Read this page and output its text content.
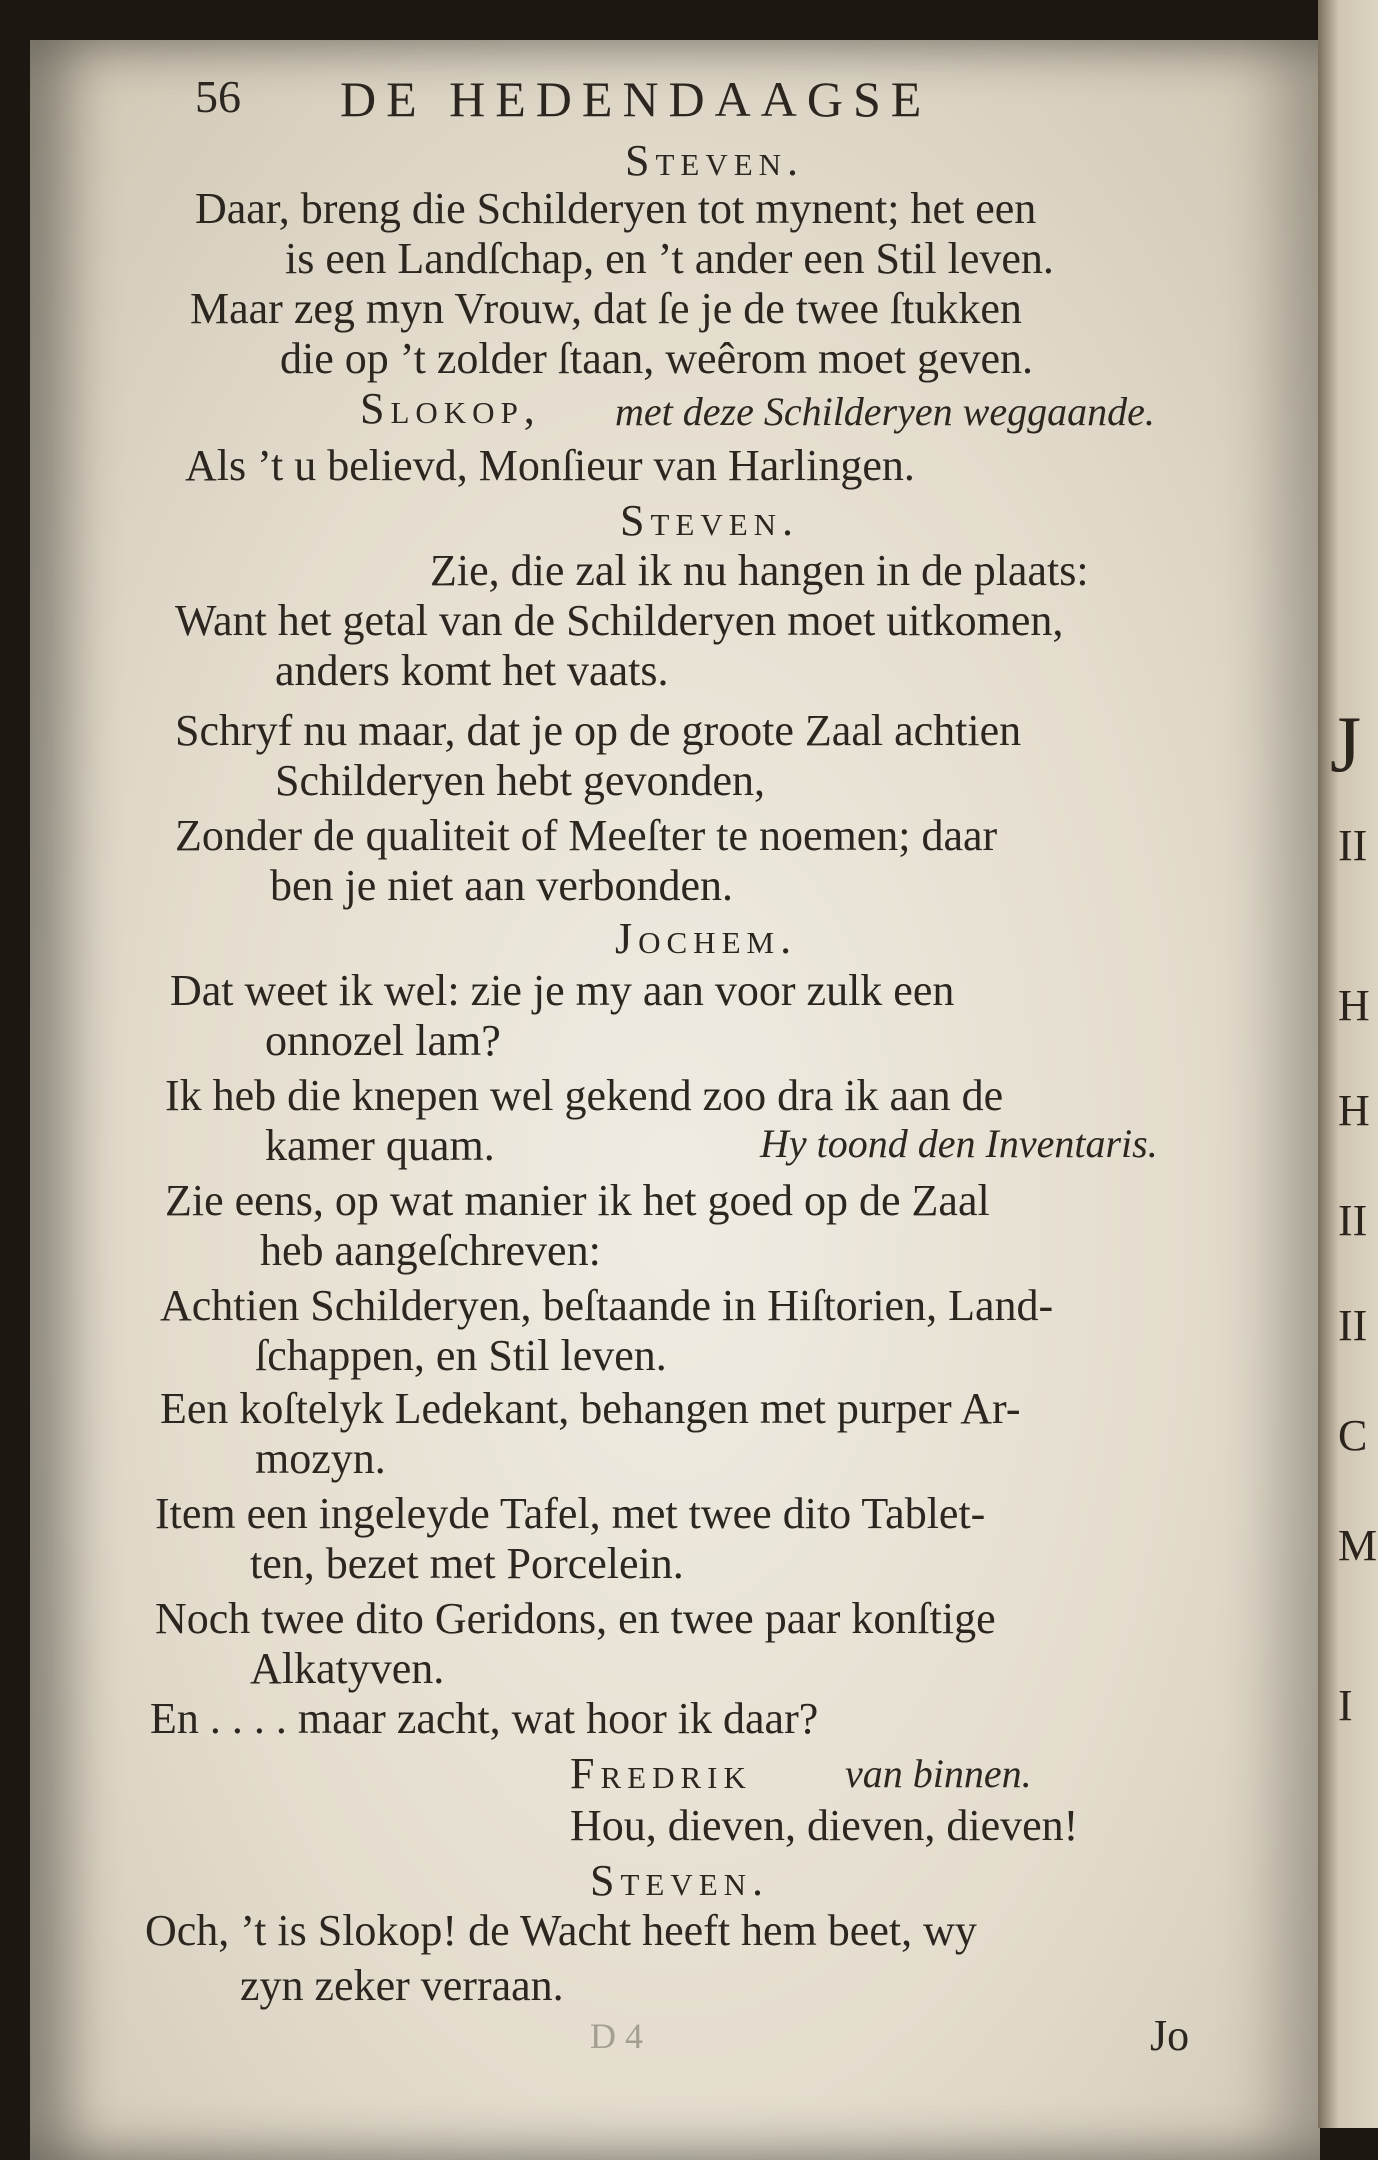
J
II
H
H
II
II
C
M
I
56 DE HEDENDAAGSE
Steven.
Daar, breng die Schilderyen tot mynent; het een
is een Landſchap, en ’t ander een Stil leven.
Maar zeg myn Vrouw, dat ſe je de twee ſtukken
die op ’t zolder ſtaan, weêrom moet geven.
Slokop, met deze Schilderyen weggaande.
Als ’t u believd, Monſieur van Harlingen.
Steven.
Zie, die zal ik nu hangen in de plaats:
Want het getal van de Schilderyen moet uitkomen,
anders komt het vaats.
Schryf nu maar, dat je op de groote Zaal achtien
Schilderyen hebt gevonden,
Zonder de qualiteit of Meeſter te noemen; daar
ben je niet aan verbonden.
Jochem.
Dat weet ik wel: zie je my aan voor zulk een
onnozel lam?
Ik heb die knepen wel gekend zoo dra ik aan de
kamer quam.	Hy toond den Inventaris.
Zie eens, op wat manier ik het goed op de Zaal
heb aangeſchreven:
Achtien Schilderyen, beſtaande in Hiſtorien, Land-
ſchappen, en Stil leven.
Een koſtelyk Ledekant, behangen met purper Ar-
mozyn.
Item een ingeleyde Tafel, met twee dito Tablet-
ten, bezet met Porcelein.
Noch twee dito Geridons, en twee paar konſtige
Alkatyven.
En . . . . maar zacht, wat hoor ik daar?
Fredrik van binnen.
Hou, dieven, dieven, dieven!
Steven.
Och, ’t is Slokop! de Wacht heeft hem beet, wy
zyn zeker verraan.
D 4	Jo
